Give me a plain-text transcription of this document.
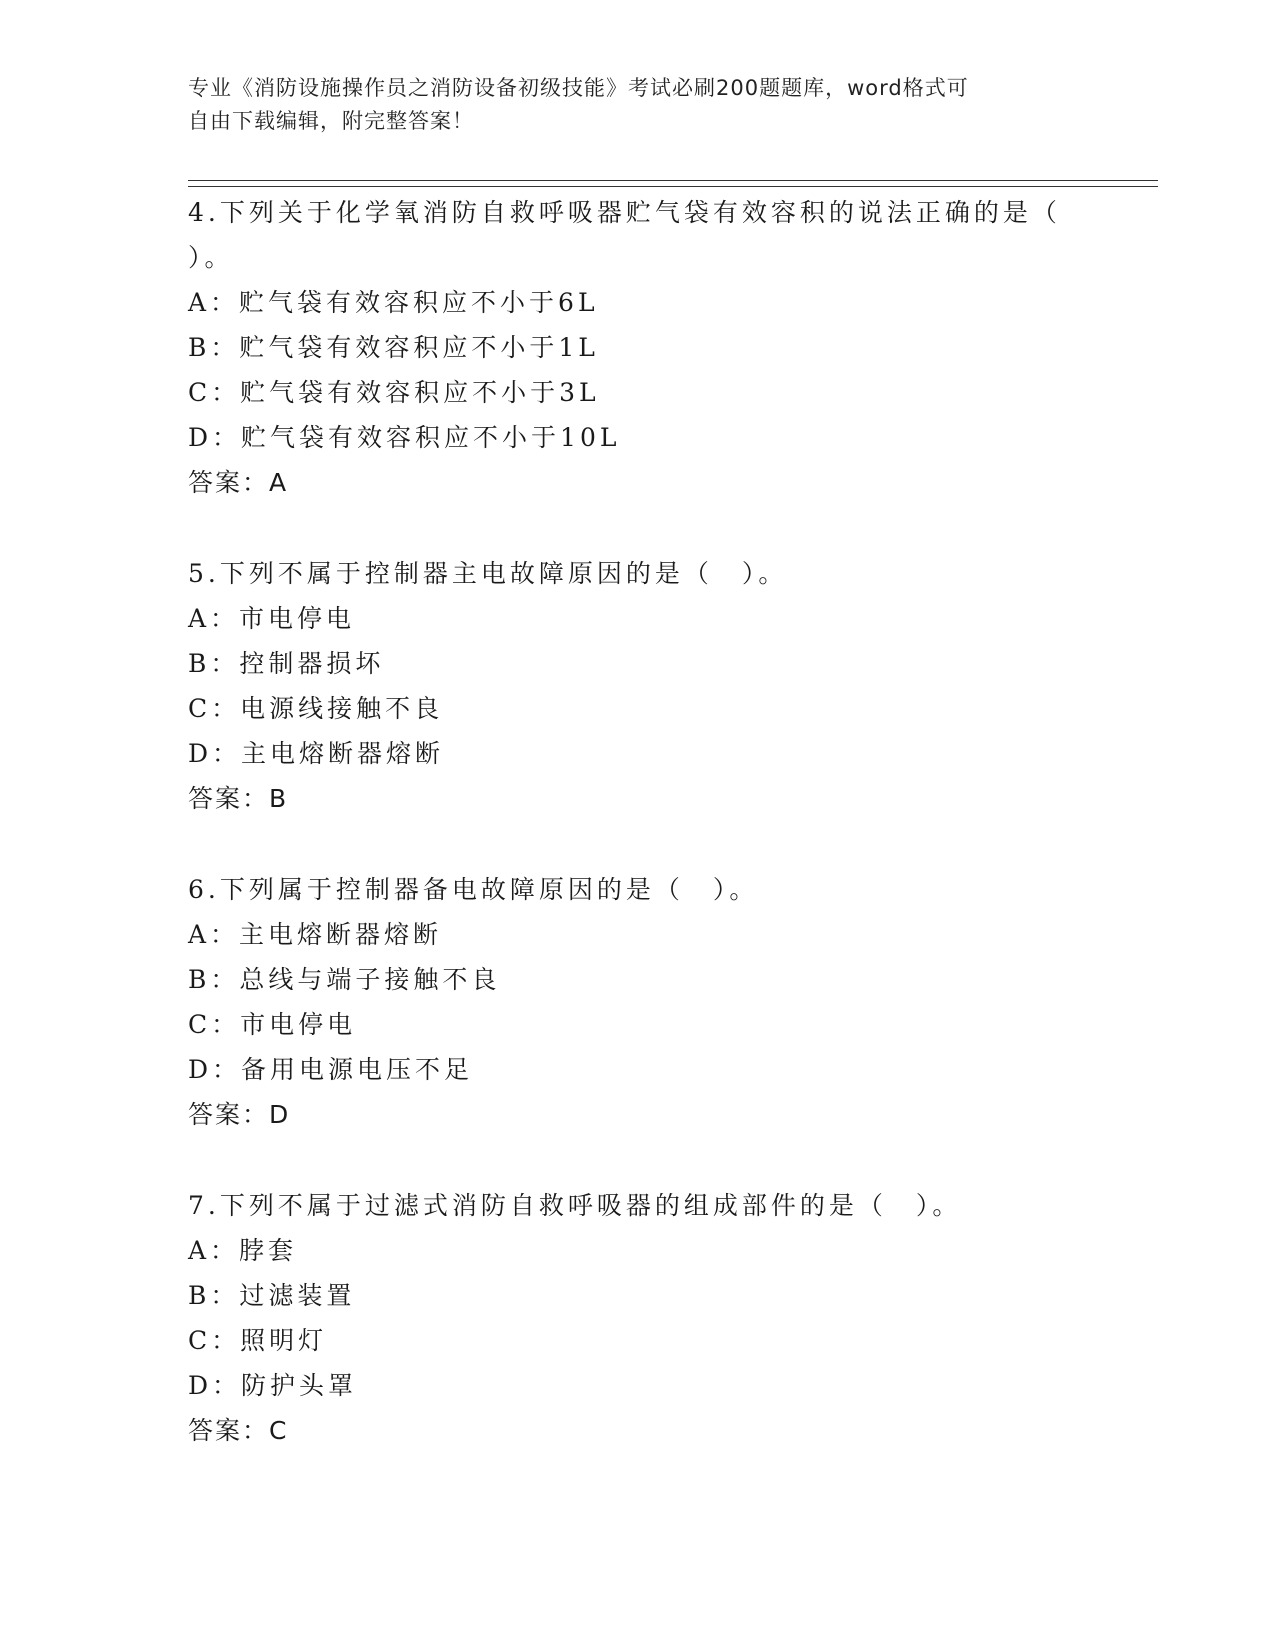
专业《消防设施操作员之消防设备初级技能》考试必刷200题题库，word格式可
自由下载编辑，附完整答案！

4.下列关于化学氧消防自救呼吸器贮气袋有效容积的说法正确的是（

）。

A：贮气袋有效容积应不小于6L

B：贮气袋有效容积应不小于1L

C：贮气袋有效容积应不小于3L

D：贮气袋有效容积应不小于10L

答案：A

5.下列不属于控制器主电故障原因的是（　）。

A：市电停电

B：控制器损坏

C：电源线接触不良

D：主电熔断器熔断

答案：B

6.下列属于控制器备电故障原因的是（　）。

A：主电熔断器熔断

B：总线与端子接触不良

C：市电停电

D：备用电源电压不足

答案：D

7.下列不属于过滤式消防自救呼吸器的组成部件的是（　）。

A：脖套

B：过滤装置

C：照明灯

D：防护头罩

答案：C
